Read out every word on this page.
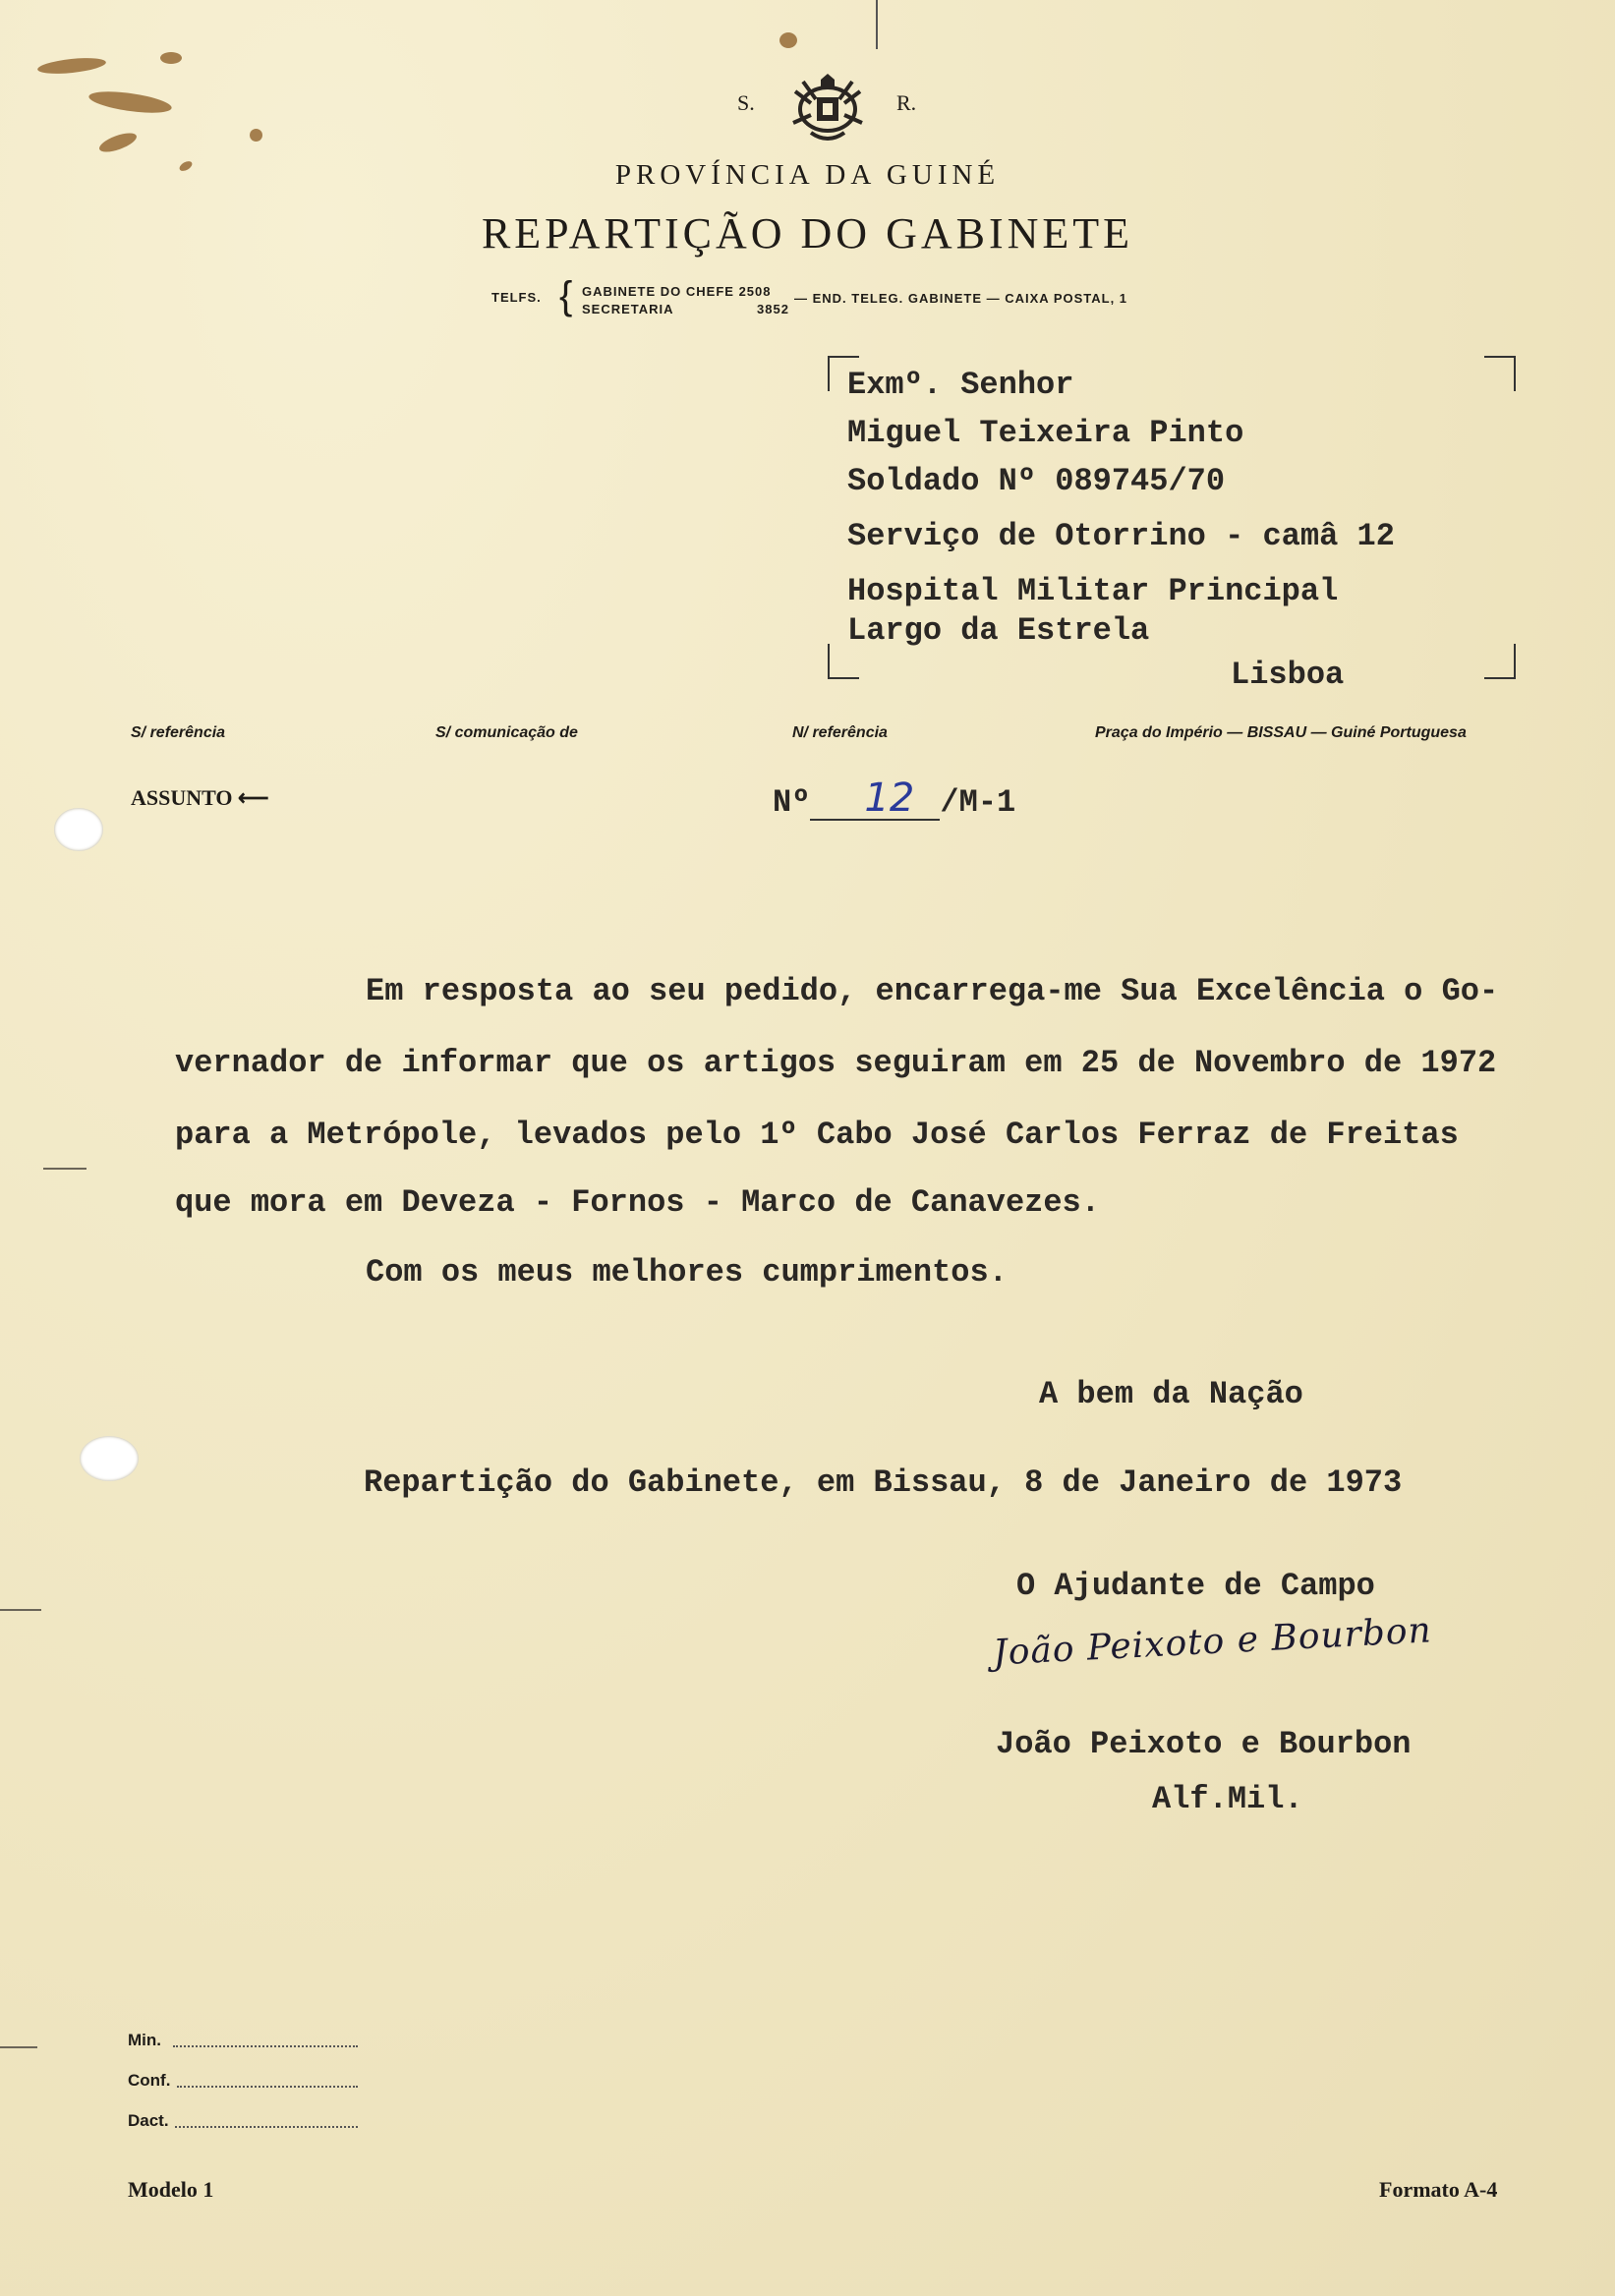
S.	R.
PROVÍNCIA DA GUINÉ
REPARTIÇÃO DO GABINETE
TELFS. { GABINETE DO CHEFE 2508
SECRETARIA	3852
— END. TELEG. GABINETE — CAIXA POSTAL, 1
Exmº. Senhor
Miguel Teixeira Pinto
Soldado Nº 089745/70
Serviço de Otorrino - camâ 12
Hospital Militar Principal
Largo da Estrela
Lisboa
S/ referência	S/ comunicação de	N/ referência	Praça do Império — BISSAU — Guiné Portuguesa
ASSUNTO ⟵	Nº 12 /M-1
Em resposta ao seu pedido, encarrega-me Sua Excelência o Go-
vernador de informar que os artigos seguiram em 25 de Novembro de 1972
para a Metrópole, levados pelo 1º Cabo José Carlos Ferraz de Freitas
que mora em Deveza - Fornos - Marco de Canavezes.
Com os meus melhores cumprimentos.
A bem da Nação
Repartição do Gabinete, em Bissau, 8 de Janeiro de 1973
O Ajudante de Campo
João Peixoto e Bourbon
João Peixoto e Bourbon
Alf.Mil.
Min.
Conf.
Dact.
Modelo 1	Formato A-4
